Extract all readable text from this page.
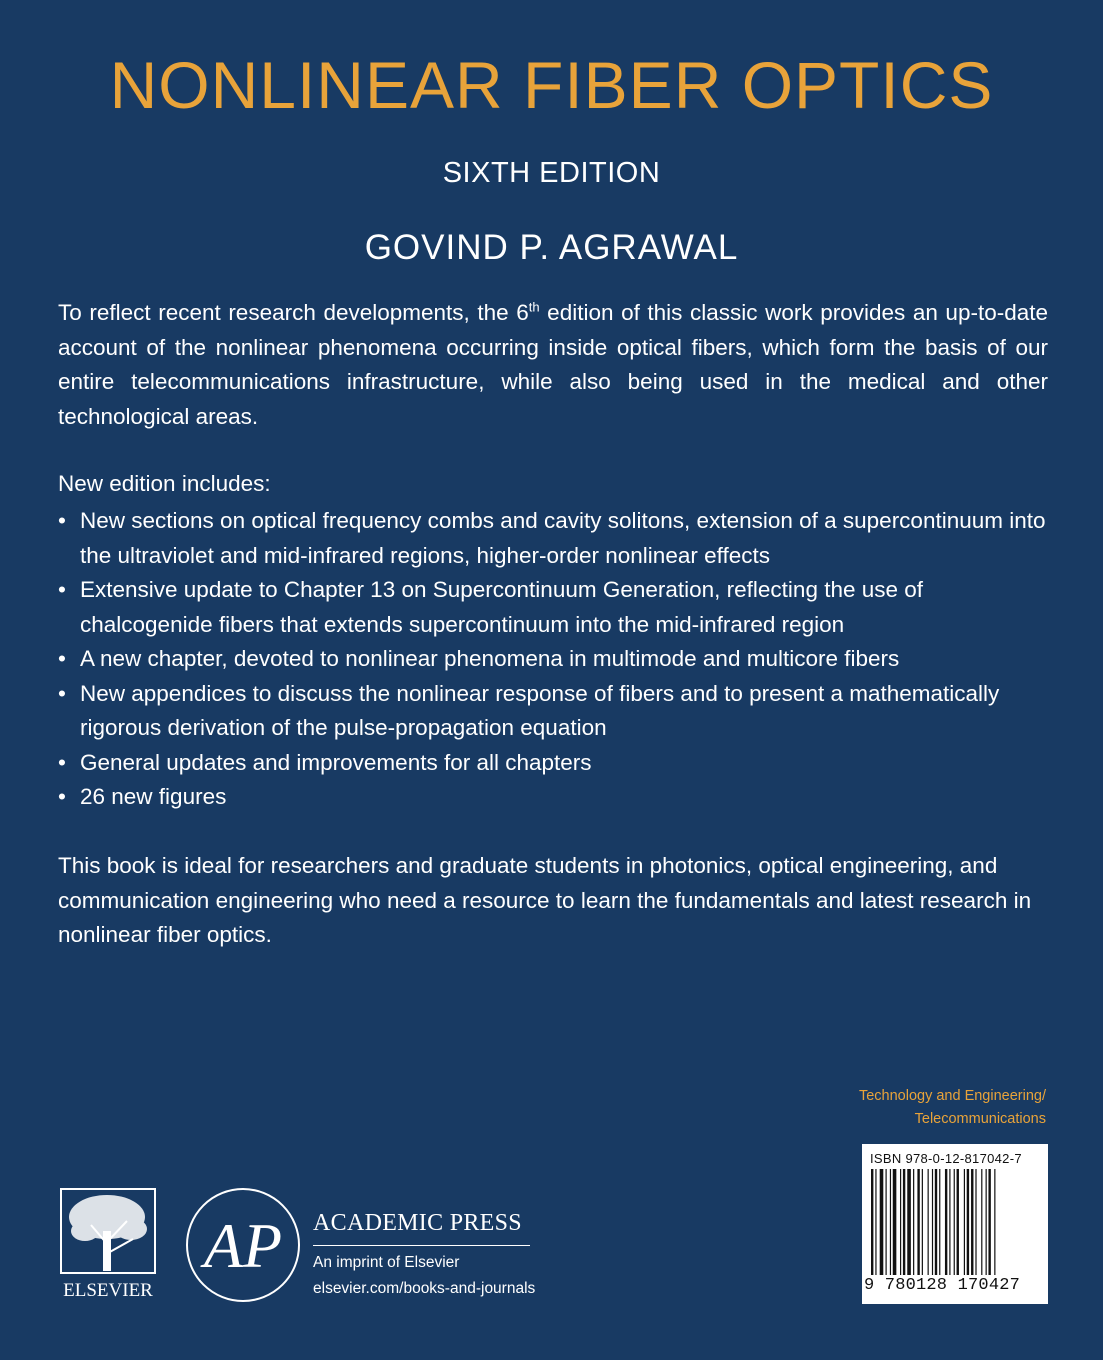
NONLINEAR FIBER OPTICS
SIXTH EDITION
GOVIND P. AGRAWAL

To reflect recent research developments, the 6th edition of this classic work provides an up-to-date account of the nonlinear phenomena occurring inside optical fibers, which form the basis of our entire telecommunications infrastructure, while also being used in the medical and other technological areas.

New edition includes:
• New sections on optical frequency combs and cavity solitons, extension of a supercontinuum into the ultraviolet and mid-infrared regions, higher-order nonlinear effects
• Extensive update to Chapter 13 on Supercontinuum Generation, reflecting the use of chalcogenide fibers that extends supercontinuum into the mid-infrared region
• A new chapter, devoted to nonlinear phenomena in multimode and multicore fibers
• New appendices to discuss the nonlinear response of fibers and to present a mathematically rigorous derivation of the pulse-propagation equation
• General updates and improvements for all chapters
• 26 new figures

This book is ideal for researchers and graduate students in photonics, optical engineering, and communication engineering who need a resource to learn the fundamentals and latest research in nonlinear fiber optics.

Technology and Engineering/
Telecommunications
ISBN 978-0-12-817042-7
9 780128 170427
ELSEVIER
AP ACADEMIC PRESS
An imprint of Elsevier
elsevier.com/books-and-journals
